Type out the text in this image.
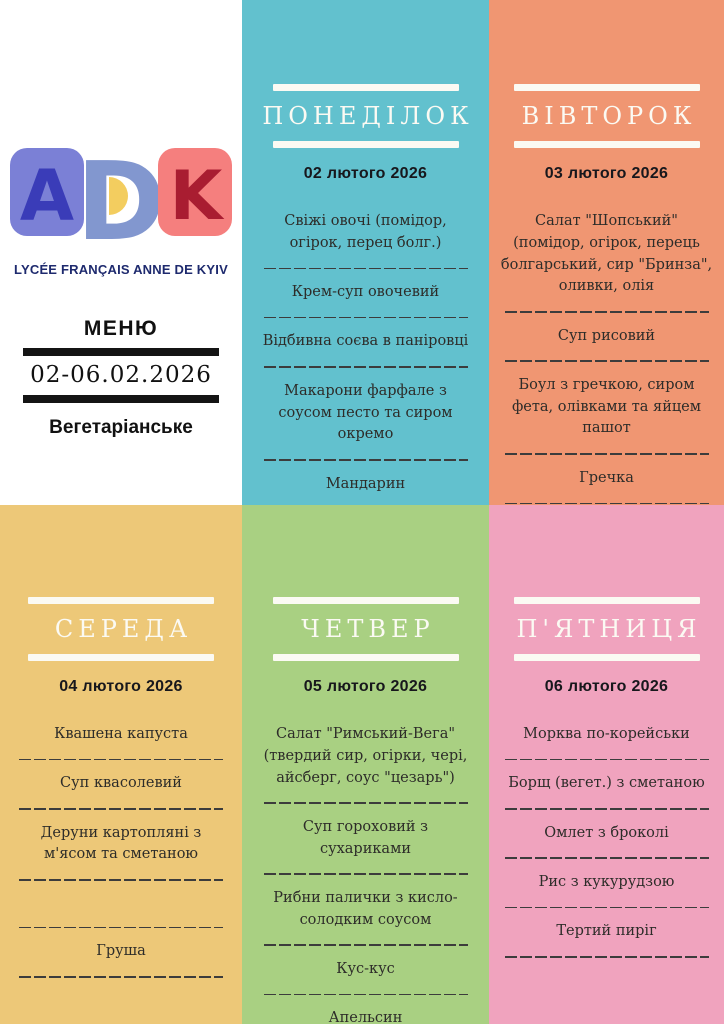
A K
LYCÉE FRANÇAIS ANNE DE KYIV
МЕНЮ
02-06.02.2026
Вегетаріанське
ПОНЕДІЛОК
02 лютого 2026
Свіжі овочі (помідор, огірок, перец болг.)
Крем-суп овочевий
Відбивна соєва в паніровці
Макарони фарфале з соусом песто та сиром окремо
Мандарин
ВІВТОРОК
03 лютого 2026
Салат "Шопський" (помідор, огірок, перець болгарський, сир "Бринза", оливки, олія
Суп рисовий
Боул з гречкою, сиром фета, олівками та яйцем пашот
Гречка
СЕРЕДА
04 лютого 2026
Квашена капуста
Суп квасолевий
Деруни картопляні з м'ясом та сметаною
Груша
ЧЕТВЕР
05 лютого 2026
Салат "Римський-Вега" (твердий сир, огірки, чері, айсберг, соус "цезарь")
Суп гороховий з сухариками
Рибни палички з кисло-солодким соусом
Кус-кус
Апельсин
П'ЯТНИЦЯ
06 лютого 2026
Морква по-корейськи
Борщ (вегет.) з сметаною
Омлет з броколі
Рис з кукурудзою
Тертий пиріг
